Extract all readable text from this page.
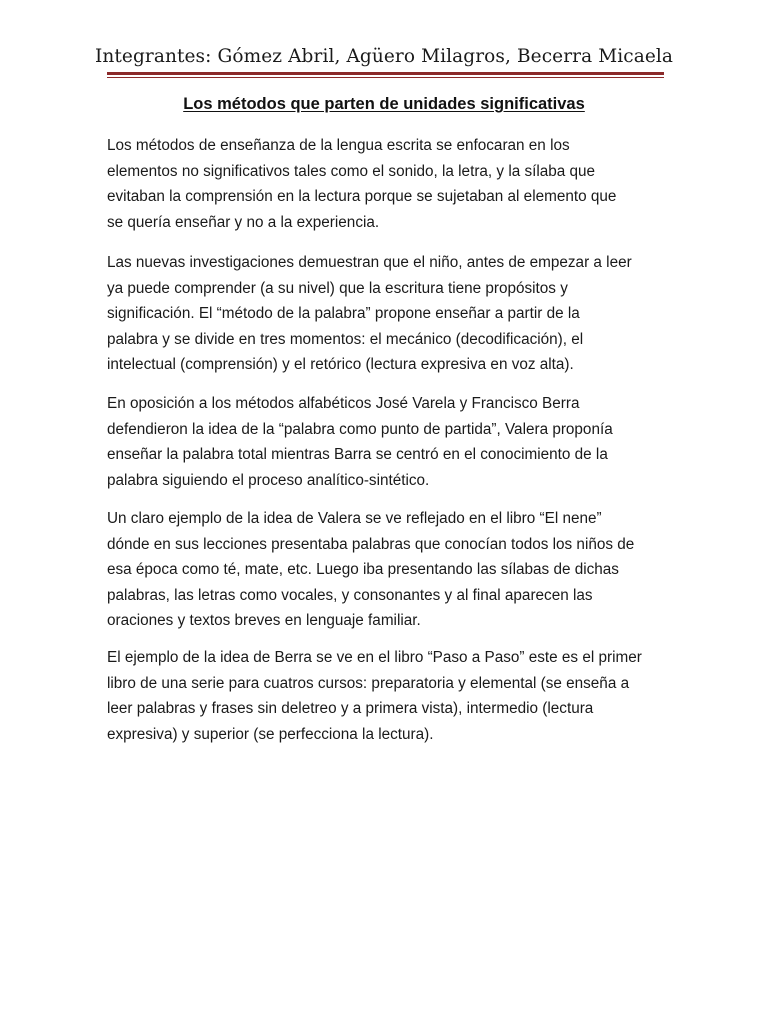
Integrantes: Gómez Abril, Agüero Milagros, Becerra Micaela
Los métodos que parten de unidades significativas

Los métodos de enseñanza de la lengua escrita se enfocaran en los
elementos no significativos tales como el sonido, la letra, y la sílaba que
evitaban la comprensión en la lectura porque se sujetaban al elemento que
se quería enseñar y no a la experiencia.

Las nuevas investigaciones demuestran que el niño, antes de empezar a leer
ya puede comprender (a su nivel) que la escritura tiene propósitos y
significación. El “método de la palabra” propone enseñar a partir de la
palabra y se divide en tres momentos: el mecánico (decodificación), el
intelectual (comprensión) y el retórico (lectura expresiva en voz alta).

En oposición a los métodos alfabéticos José Varela y Francisco Berra
defendieron la idea de la “palabra como punto de partida”, Valera proponía
enseñar la palabra total mientras Barra se centró en el conocimiento de la
palabra siguiendo el proceso analítico-sintético.

Un claro ejemplo de la idea de Valera se ve reflejado en el libro “El nene”
dónde en sus lecciones presentaba palabras que conocían todos los niños de
esa época como té, mate, etc. Luego iba presentando las sílabas de dichas
palabras, las letras como vocales, y consonantes y al final aparecen las
oraciones y textos breves en lenguaje familiar.

El ejemplo de la idea de Berra se ve en el libro “Paso a Paso” este es el primer
libro de una serie para cuatros cursos: preparatoria y elemental (se enseña a
leer palabras y frases sin deletreo y a primera vista), intermedio (lectura
expresiva) y superior (se perfecciona la lectura).
